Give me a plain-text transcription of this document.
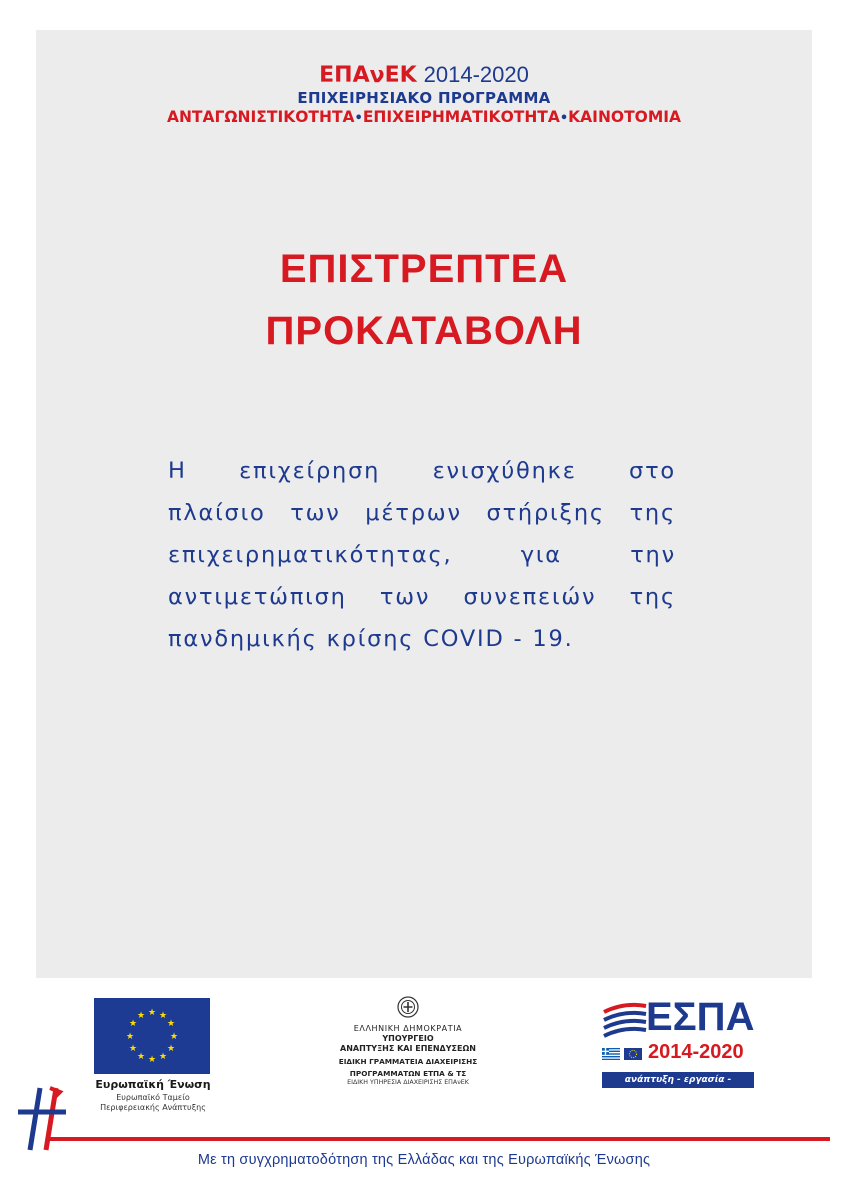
ΕΠΑνΕΚ 2014-2020
ΕΠΙΧΕΙΡΗΣΙΑΚΟ ΠΡΟΓΡΑΜΜΑ
ΑΝΤΑΓΩΝΙΣΤΙΚΟΤΗΤΑ•ΕΠΙΧΕΙΡΗΜΑΤΙΚΟΤΗΤΑ•ΚΑΙΝΟΤΟΜΙΑ
ΕΠΙΣΤΡΕΠΤΕΑ
ΠΡΟΚΑΤΑΒΟΛΗ
Η επιχείρηση ενισχύθηκε στο
πλαίσιο των μέτρων στήριξης της
επιχειρηματικότητας, για την
αντιμετώπιση των συνεπειών της
πανδημικής κρίσης COVID - 19.
★ ★
★
★
★
★
★
★
★
★
★
★
Ευρωπαϊκή Ένωση
Ευρωπαϊκό Ταμείο
Περιφερειακής Ανάπτυξης
ΕΛΛΗΝΙΚΗ ΔΗΜΟΚΡΑΤΙΑ
ΥΠΟΥΡΓΕΙΟ
ΑΝΑΠΤΥΞΗΣ ΚΑΙ ΕΠΕΝΔΥΣΕΩΝ
ΕΙΔΙΚΗ ΓΡΑΜΜΑΤΕΙΑ ΔΙΑΧΕΙΡΙΣΗΣ
ΠΡΟΓΡΑΜΜΑΤΩΝ ΕΤΠΑ & ΤΣ
ΕΙΔΙΚΗ ΥΠΗΡΕΣΙΑ ΔΙΑΧΕΙΡΙΣΗΣ ΕΠΑνΕΚ
ΕΣΠΑ
2014-2020
ανάπτυξη - εργασία - αλληλεγγύη
Με τη συγχρηματοδότηση της Ελλάδας και της Ευρωπαϊκής Ένωσης
